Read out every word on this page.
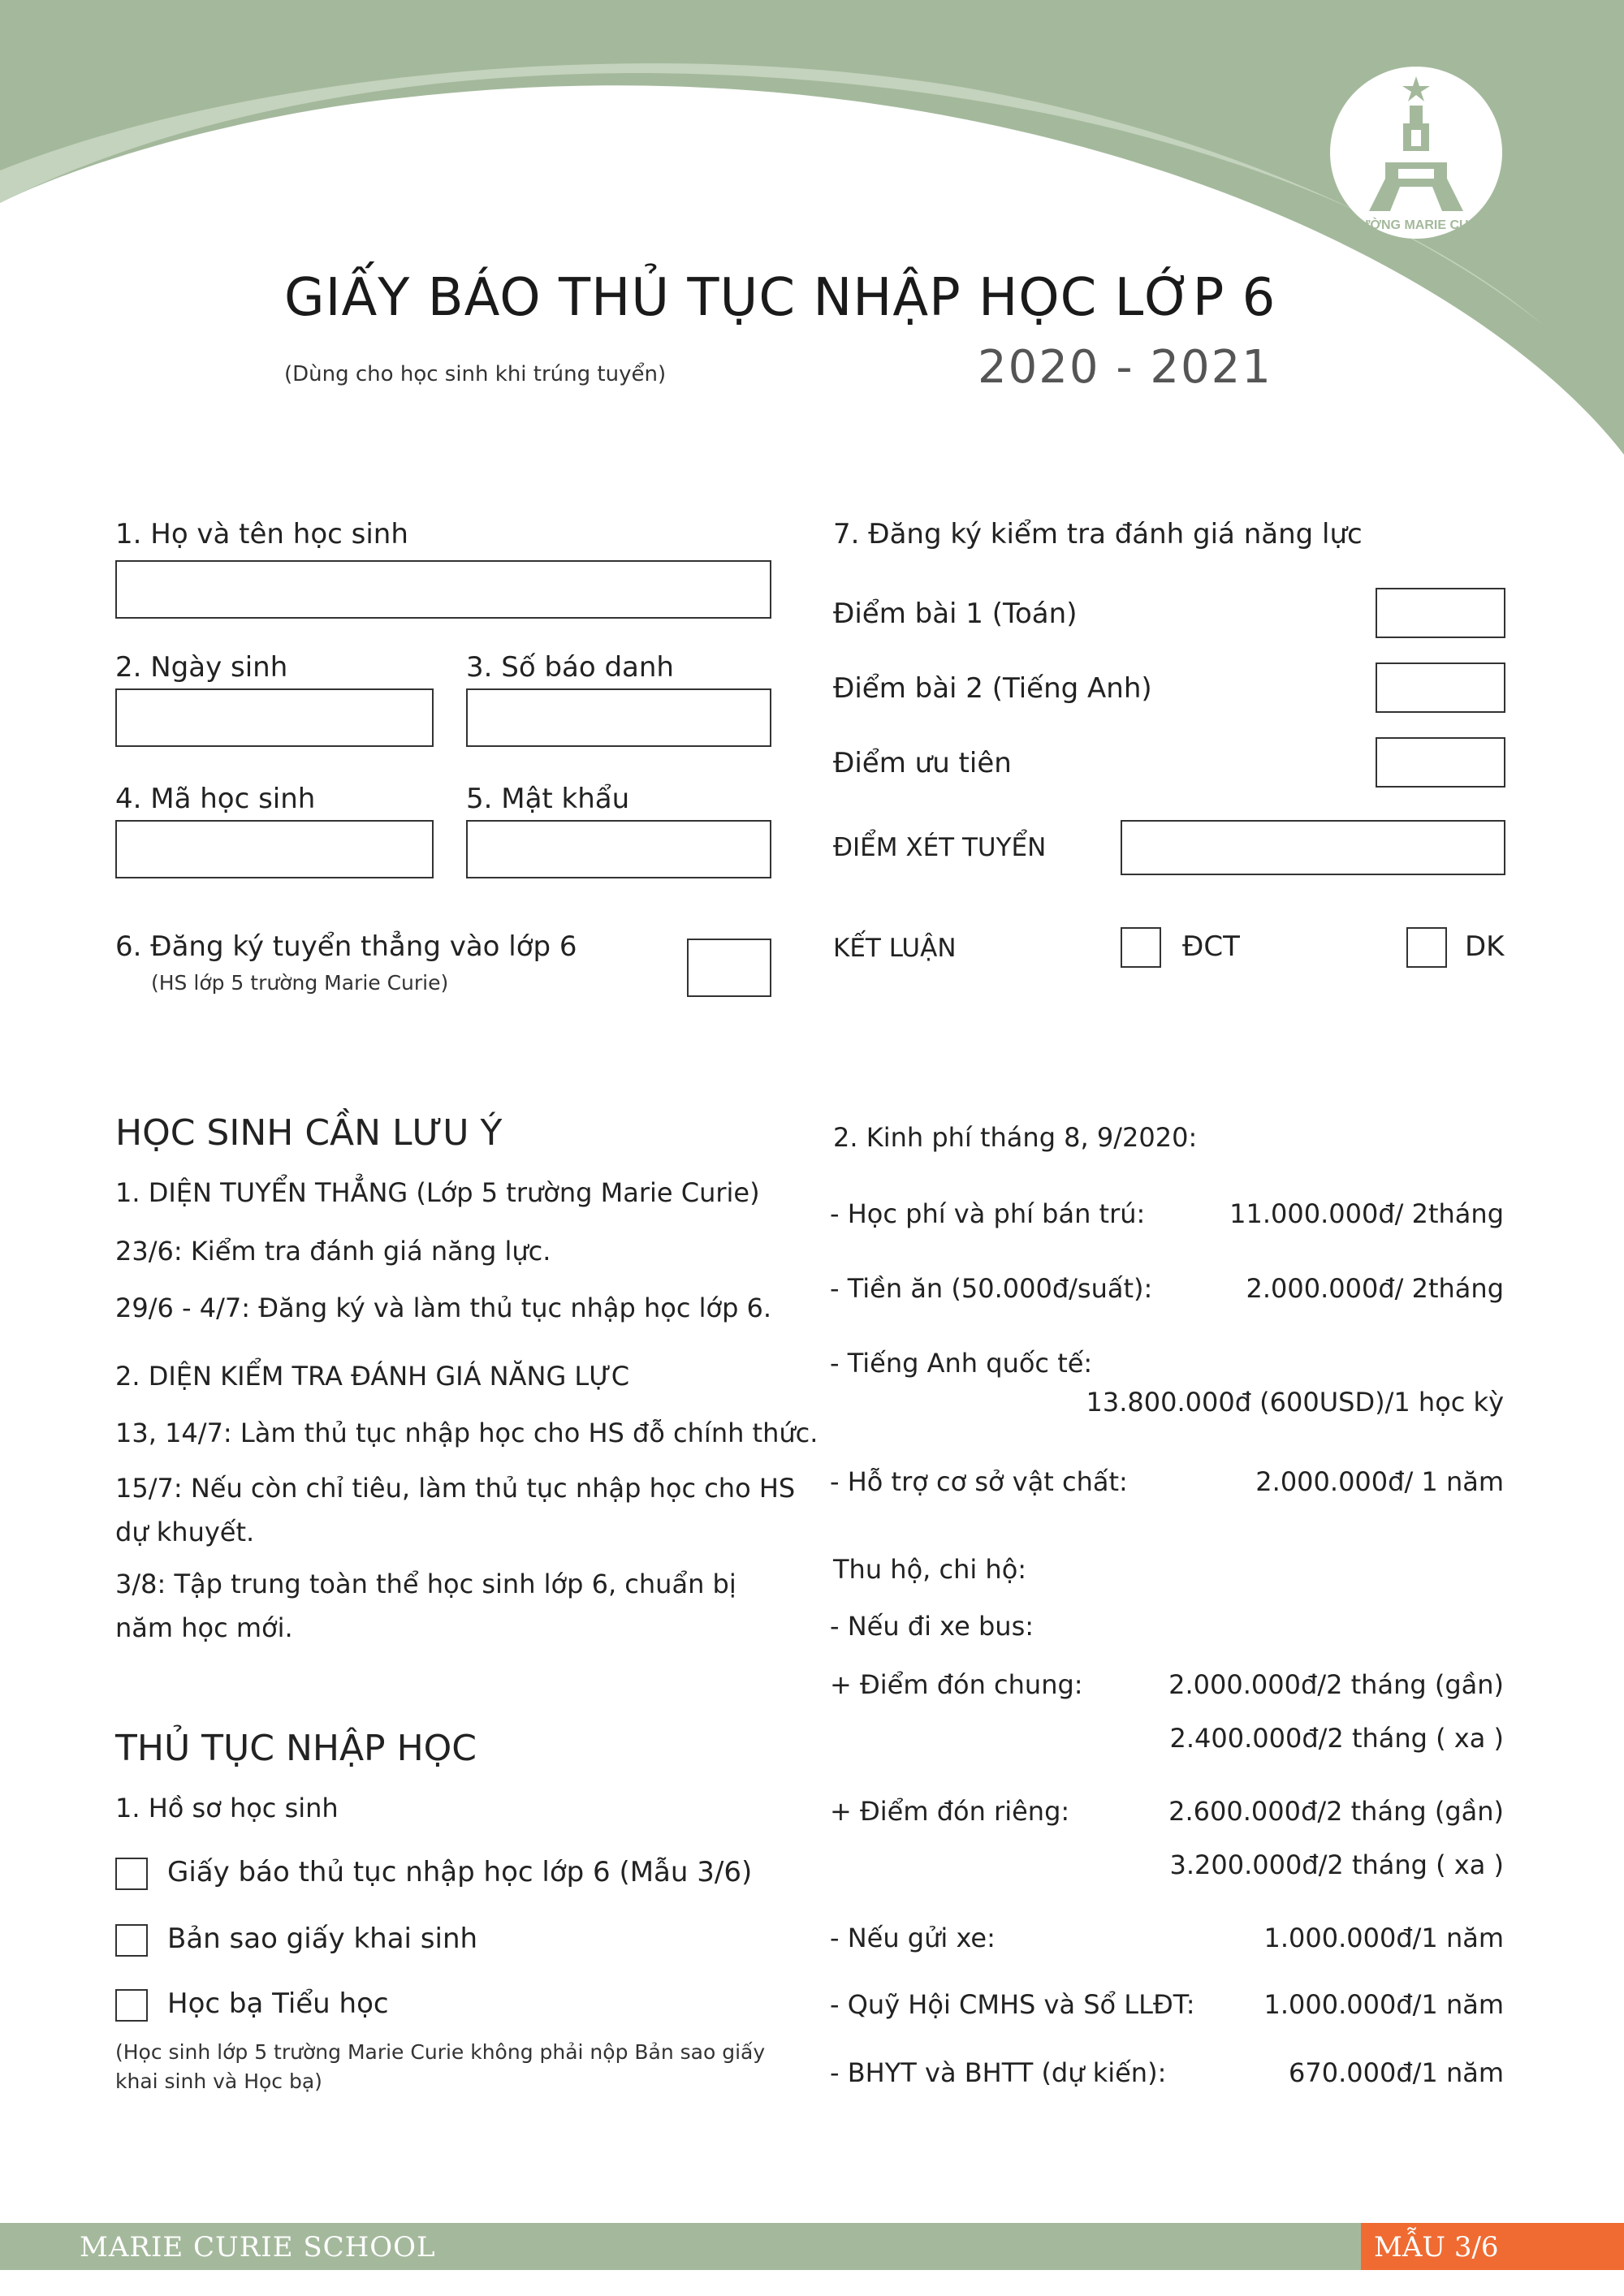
TRƯỜNG MARIE CURIE
GIẤY BÁO THỦ TỤC NHẬP HỌC LỚP 6
(Dùng cho học sinh khi trúng tuyển)	2020 - 2021
1. Họ và tên học sinh
2. Ngày sinh	3. Số báo danh
4. Mã học sinh	5. Mật khẩu
6. Đăng ký tuyển thẳng vào lớp 6
(HS lớp 5 trường Marie Curie)
7. Đăng ký kiểm tra đánh giá năng lực
Điểm bài 1 (Toán)
Điểm bài 2 (Tiếng Anh)
Điểm ưu tiên
ĐIỂM XÉT TUYỂN
KẾT LUẬN	ĐCT	DK
HỌC SINH CẦN LƯU Ý
1. DIỆN TUYỂN THẲNG (Lớp 5 trường Marie Curie)
23/6: Kiểm tra đánh giá năng lực.
29/6 - 4/7: Đăng ký và làm thủ tục nhập học lớp 6.
2. DIỆN KIỂM TRA ĐÁNH GIÁ NĂNG LỰC
13, 14/7: Làm thủ tục nhập học cho HS đỗ chính thức.
15/7: Nếu còn chỉ tiêu, làm thủ tục nhập học cho HS dự khuyết.
3/8: Tập trung toàn thể học sinh lớp 6, chuẩn bị năm học mới.
THỦ TỤC NHẬP HỌC
1. Hồ sơ học sinh
Giấy báo thủ tục nhập học lớp 6 (Mẫu 3/6)
Bản sao giấy khai sinh
Học bạ Tiểu học
(Học sinh lớp 5 trường Marie Curie không phải nộp Bản sao giấy khai sinh và Học bạ)
2. Kinh phí tháng 8, 9/2020:
- Học phí và phí bán trú:	11.000.000đ/ 2tháng
- Tiền ăn (50.000đ/suất):	2.000.000đ/ 2tháng
- Tiếng Anh quốc tế:
13.800.000đ (600USD)/1 học kỳ
- Hỗ trợ cơ sở vật chất:	2.000.000đ/ 1 năm
Thu hộ, chi hộ:
- Nếu đi xe bus:
+ Điểm đón chung:	2.000.000đ/2 tháng (gần)
2.400.000đ/2 tháng ( xa )
+ Điểm đón riêng:	2.600.000đ/2 tháng (gần)
3.200.000đ/2 tháng ( xa )
- Nếu gửi xe:	1.000.000đ/1 năm
- Quỹ Hội CMHS và Sổ LLĐT:	1.000.000đ/1 năm
- BHYT và BHTT (dự kiến):	670.000đ/1 năm
MARIE CURIE SCHOOL	MẪU 3/6
